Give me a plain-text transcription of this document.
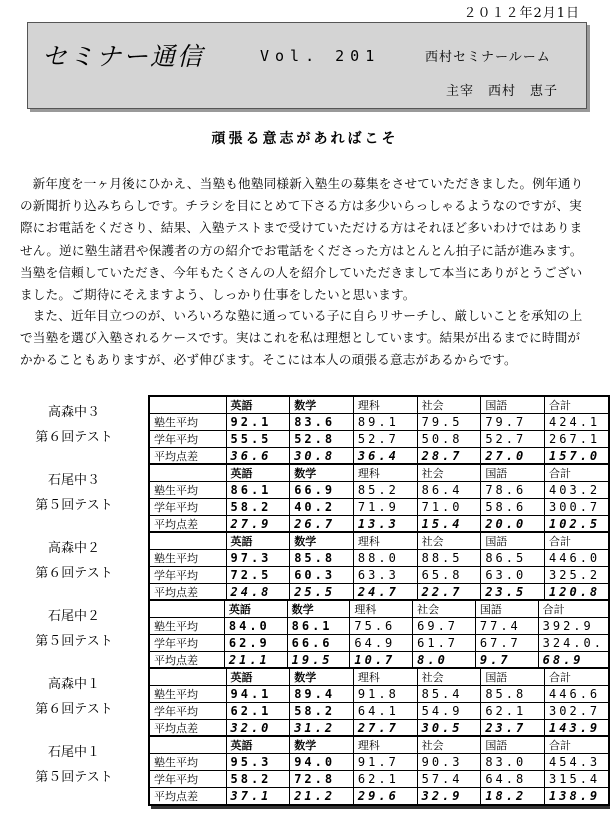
２０１２年2月1日
セミナー通信	Vol. 201	西村セミナールーム
主宰　西村　恵子
頑張る意志があればこそ

新年度を一ヶ月後にひかえ、当塾も他塾同様新入塾生の募集をさせていただきました。例年通りの新聞折り込みちらしです。チラシを目にとめて下さる方は多少いらっしゃるようなのですが、実際にお電話をくださり、結果、入塾テストまで受けていただける方はそれほど多いわけではありません。逆に塾生諸君や保護者の方の紹介でお電話をくださった方はとんとん拍子に話が進みます。当塾を信頼していただき、今年もたくさんの人を紹介していただきまして本当にありがとうございました。ご期待にそえますよう、しっかり仕事をしたいと思います。

また、近年目立つのが、いろいろな塾に通っている子に自らリサーチし、厳しいことを承知の上で当塾を選び入塾されるケースです。実はこれを私は理想としています。結果が出るまでに時間がかかることもありますが、必ず伸びます。そこには本人の頑張る意志があるからです。

高森中３
第６回テスト
	英語	数学	理科	社会	国語	合計
塾生平均	92.1	83.6	89.1	79.5	79.7	424.1
学年平均	55.5	52.8	52.7	50.8	52.7	267.1
平均点差	36.6	30.8	36.4	28.7	27.0	157.0
石尾中３
第５回テスト
	英語	数学	理科	社会	国語	合計
塾生平均	86.1	66.9	85.2	86.4	78.6	403.2
学年平均	58.2	40.2	71.9	71.0	58.6	300.7
平均点差	27.9	26.7	13.3	15.4	20.0	102.5
高森中２
第６回テスト
	英語	数学	理科	社会	国語	合計
塾生平均	97.3	85.8	88.0	88.5	86.5	446.0
学年平均	72.5	60.3	63.3	65.8	63.0	325.2
平均点差	24.8	25.5	24.7	22.7	23.5	120.8
石尾中２
第５回テスト
	英語	数学	理科	社会	国語	合計
塾生平均	84.0	86.1	75.6	69.7	77.4	392.9
学年平均	62.9	66.6	64.9	61.7	67.7	324.0.
平均点差	21.1	19.5	10.7	8.0	9.7	68.9
高森中１
第６回テスト
	英語	数学	理科	社会	国語	合計
塾生平均	94.1	89.4	91.8	85.4	85.8	446.6
学年平均	62.1	58.2	64.1	54.9	62.1	302.7
平均点差	32.0	31.2	27.7	30.5	23.7	143.9
石尾中１
第５回テスト
	英語	数学	理科	社会	国語	合計
塾生平均	95.3	94.0	91.7	90.3	83.0	454.3
学年平均	58.2	72.8	62.1	57.4	64.8	315.4
平均点差	37.1	21.2	29.6	32.9	18.2	138.9
